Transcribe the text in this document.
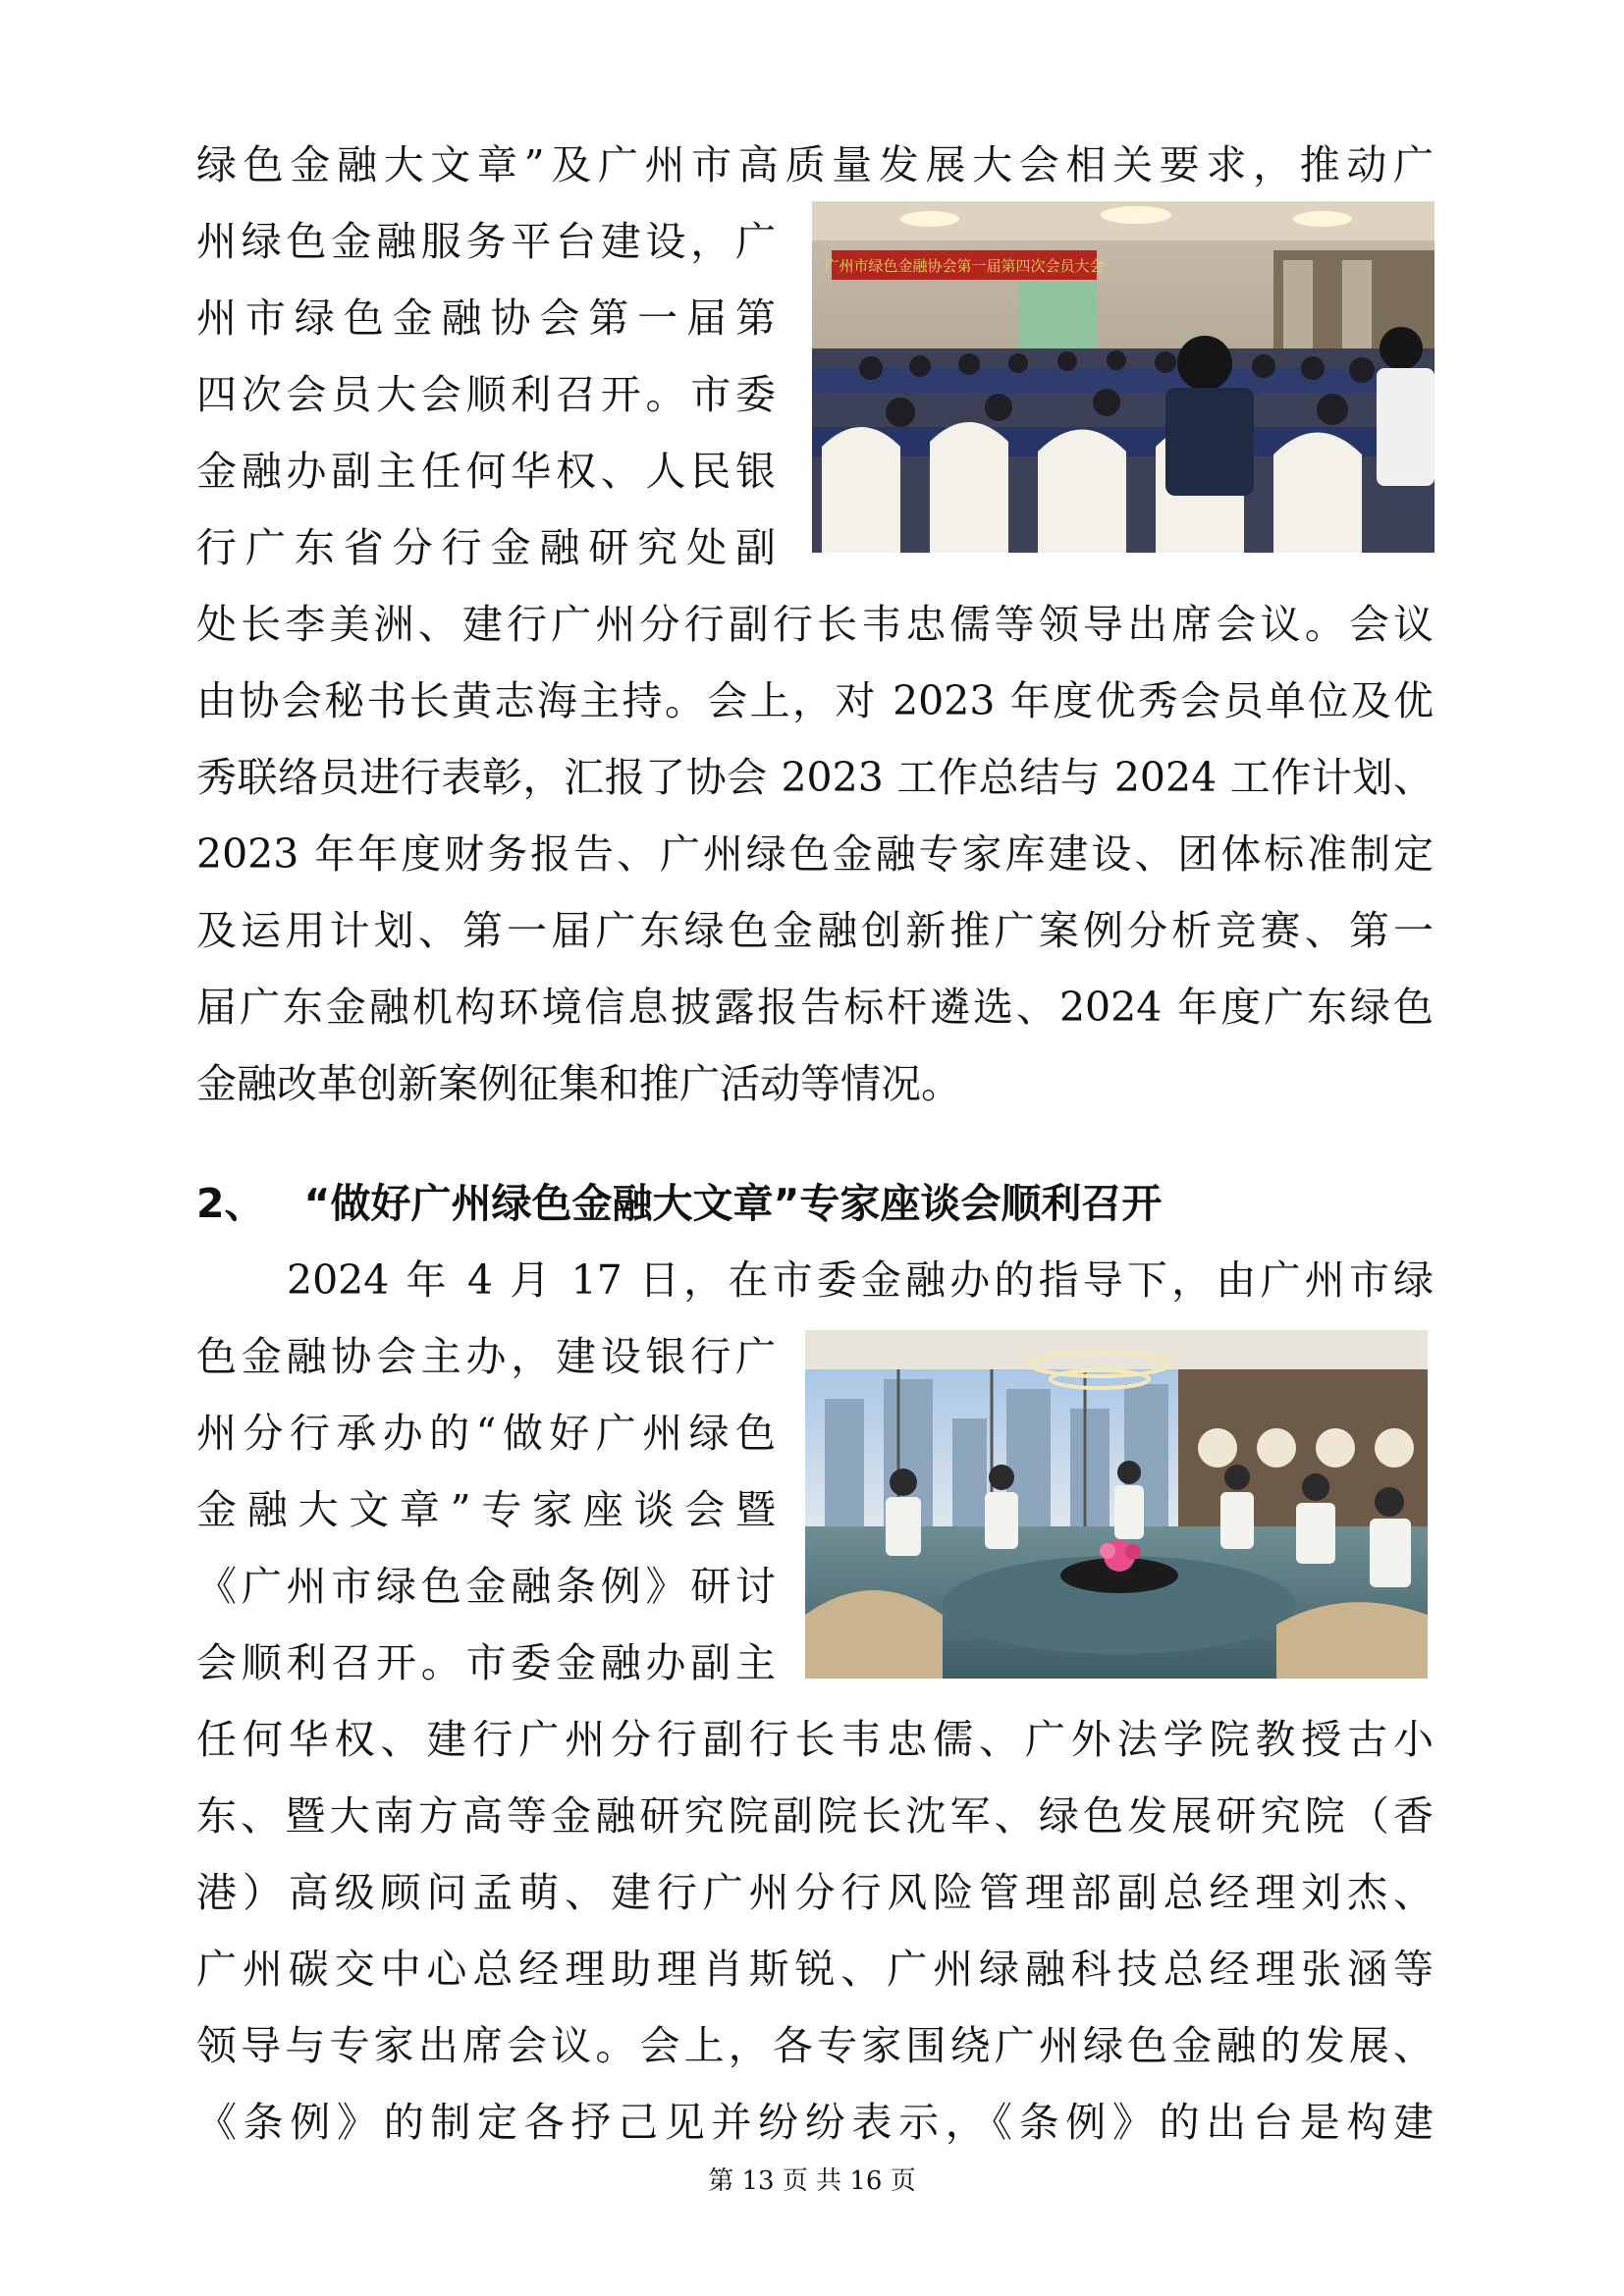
绿色金融大文章”及广州市高质量发展大会相关要求，推动广
州绿色金融服务平台建设，广
州市绿色金融协会第一届第
四次会员大会顺利召开。市委
金融办副主任何华权、人民银
行广东省分行金融研究处副
处长李美洲、建行广州分行副行长韦忠儒等领导出席会议。会议
由协会秘书长黄志海主持。会上，对 2023 年度优秀会员单位及优
秀联络员进行表彰，汇报了协会 2023 工作总结与 2024 工作计划、
2023 年年度财务报告、广州绿色金融专家库建设、团体标准制定
及运用计划、第一届广东绿色金融创新推广案例分析竞赛、第一
届广东金融机构环境信息披露报告标杆遴选、2024 年度广东绿色
金融改革创新案例征集和推广活动等情况。
广州市绿色金融协会第一届第四次会员大会
2、 “做好广州绿色金融大文章”专家座谈会顺利召开
2024 年 4 月 17 日，在市委金融办的指导下，由广州市绿
色金融协会主办，建设银行广
州分行承办的“做好广州绿色
金融大文章”专家座谈会暨
《广州市绿色金融条例》研讨
会顺利召开。市委金融办副主
任何华权、建行广州分行副行长韦忠儒、广外法学院教授古小
东、暨大南方高等金融研究院副院长沈军、绿色发展研究院（香
港）高级顾问孟萌、建行广州分行风险管理部副总经理刘杰、
广州碳交中心总经理助理肖斯锐、广州绿融科技总经理张涵等
领导与专家出席会议。会上，各专家围绕广州绿色金融的发展、
《条例》的制定各抒己见并纷纷表示，《条例》的出台是构建
第 13 页 共 16 页
